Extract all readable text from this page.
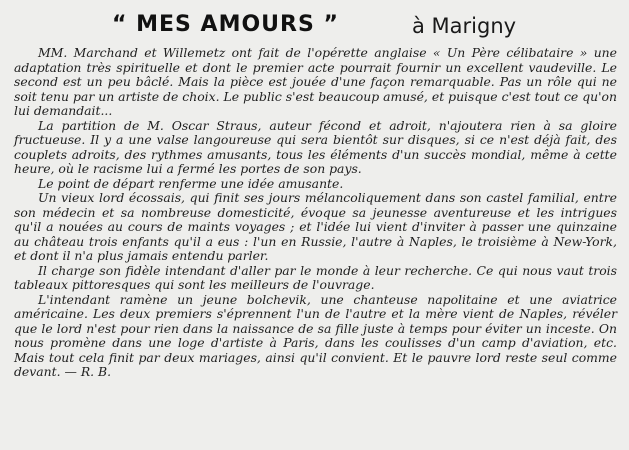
“ MES AMOURS ”	à Marigny

MM. Marchand et Willemetz ont fait de l'opérette anglaise « Un Père célibataire » une adaptation très spirituelle et dont le premier acte pourrait fournir un excellent vaudeville. Le second est un peu bâclé. Mais la pièce est jouée d'une façon remarquable. Pas un rôle qui ne soit tenu par un artiste de choix. Le public s'est beaucoup amusé, et puisque c'est tout ce qu'on lui demandait...

La partition de M. Oscar Straus, auteur fécond et adroit, n'ajoutera rien à sa gloire fructueuse. Il y a une valse langoureuse qui sera bientôt sur disques, si ce n'est déjà fait, des couplets adroits, des rythmes amusants, tous les éléments d'un succès mondial, même à cette heure, où le racisme lui a fermé les portes de son pays.

Le point de départ renferme une idée amusante.

Un vieux lord écossais, qui finit ses jours mélancoliquement dans son castel familial, entre son médecin et sa nombreuse domesticité, évoque sa jeunesse aventureuse et les intrigues qu'il a nouées au cours de maints voyages ; et l'idée lui vient d'inviter à passer une quinzaine au château trois enfants qu'il a eus : l'un en Russie, l'autre à Naples, le troisième à New-York, et dont il n'a plus jamais entendu parler.

Il charge son fidèle intendant d'aller par le monde à leur recherche. Ce qui nous vaut trois tableaux pittoresques qui sont les meilleurs de l'ouvrage.

L'intendant ramène un jeune bolchevik, une chanteuse napolitaine et une aviatrice américaine. Les deux premiers s'éprennent l'un de l'autre et la mère vient de Naples, révéler que le lord n'est pour rien dans la naissance de sa fille juste à temps pour éviter un inceste. On nous promène dans une loge d'artiste à Paris, dans les coulisses d'un camp d'aviation, etc. Mais tout cela finit par deux mariages, ainsi qu'il convient. Et le pauvre lord reste seul comme devant. — R. B.
